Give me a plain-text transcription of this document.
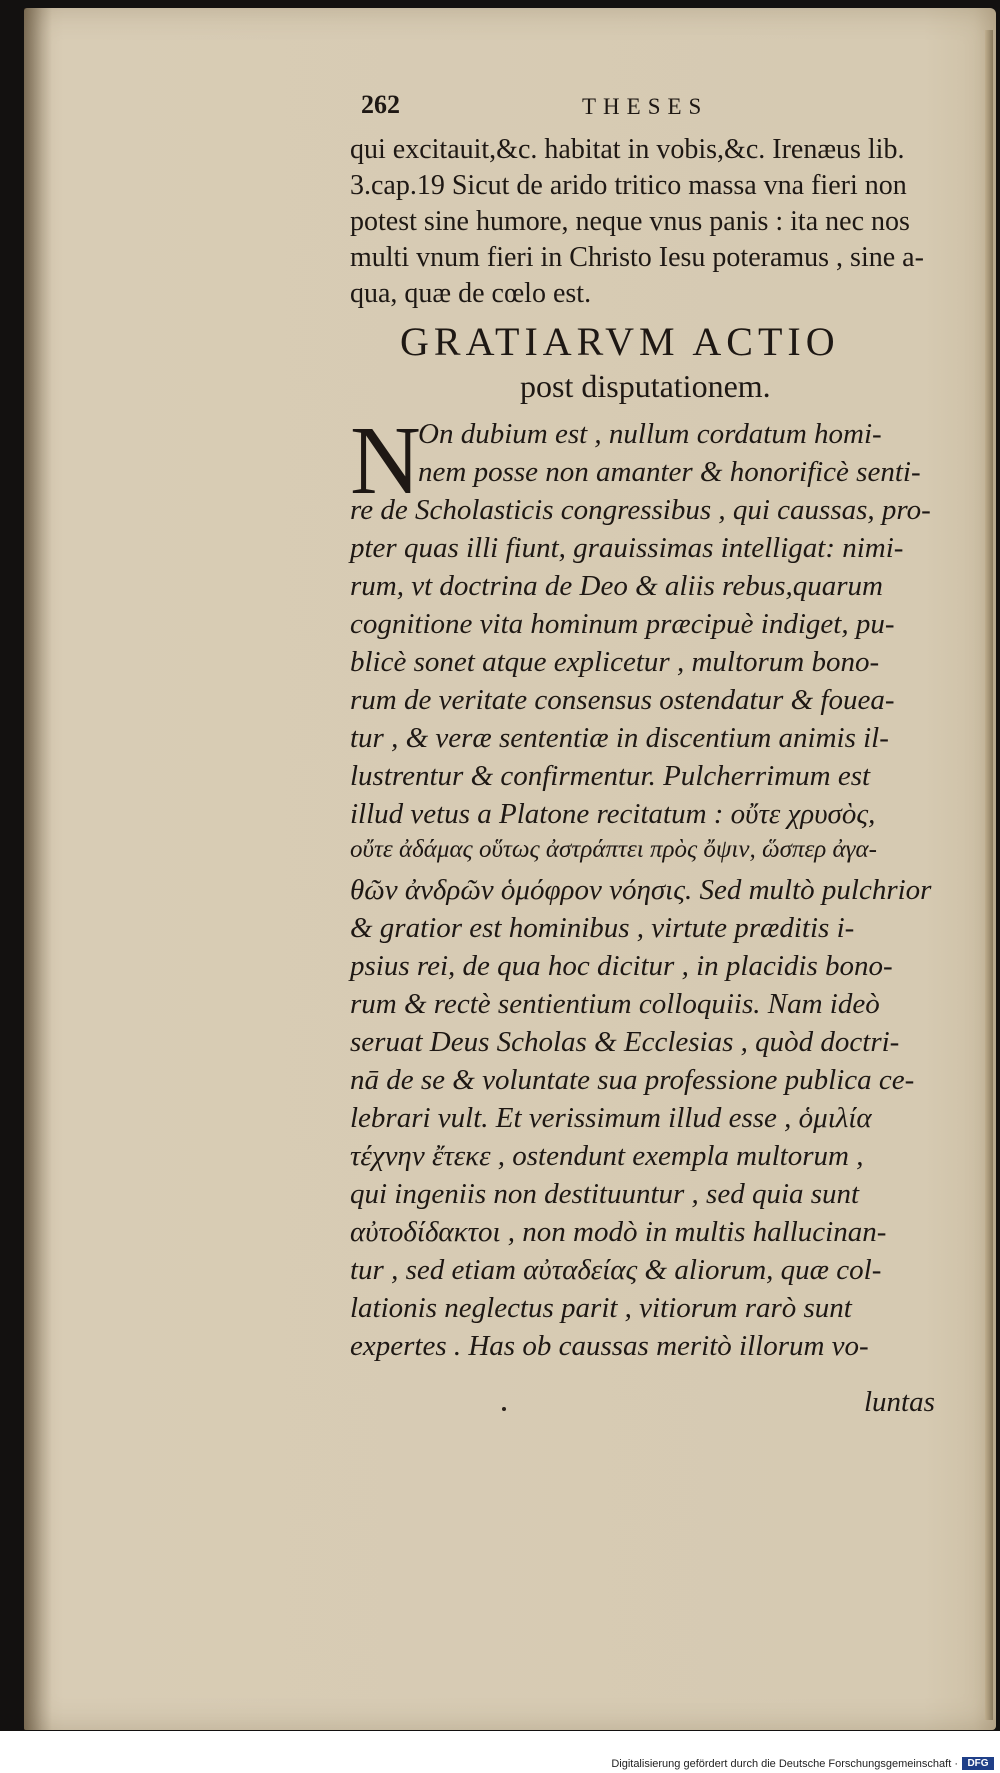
262	THESES
qui excitauit,&c. habitat in vobis,&c. Irenæus lib.
3.cap.19 Sicut de arido tritico massa vna fieri non
potest sine humore, neque vnus panis : ita nec nos
multi vnum fieri in Christo Iesu poteramus , sine a-
qua, quæ de cœlo est.
GRATIARVM ACTIO
post disputationem.
N
On dubium est , nullum cordatum homi-
nem posse non amanter & honorificè senti-
re de Scholasticis congressibus , qui caussas, pro-
pter quas illi fiunt, grauissimas intelligat: nimi-
rum, vt doctrina de Deo & aliis rebus,quarum
cognitione vita hominum præcipuè indiget, pu-
blicè sonet atque explicetur , multorum bono-
rum de veritate consensus ostendatur & fouea-
tur , & veræ sententiæ in discentium animis il-
lustrentur & confirmentur. Pulcherrimum est
illud vetus a Platone recitatum : οὔτε χρυσὸς,
οὔτε ἀδάμας οὕτως ἀστράπτει πρὸς ὄψιν, ὥσπερ ἀγα-
θῶν ἀνδρῶν ὁμόφρον νόησις. Sed multò pulchrior
& gratior est hominibus , virtute præditis i-
psius rei, de qua hoc dicitur , in placidis bono-
rum & rectè sentientium colloquiis. Nam ideò
seruat Deus Scholas & Ecclesias , quòd doctri-
nā de se & voluntate sua professione publica ce-
lebrari vult. Et verissimum illud esse , ὁμιλία
τέχνην ἔτεκε , ostendunt exempla multorum ,
qui ingeniis non destituuntur , sed quia sunt
αὐτοδίδακτοι , non modò in multis hallucinan-
tur , sed etiam αὐταδείας & aliorum, quæ col-
lationis neglectus parit , vitiorum rarò sunt
expertes . Has ob caussas meritò illorum vo-
luntas
Digitalisierung gefördert durch die Deutsche Forschungsgemeinschaft · DFG
